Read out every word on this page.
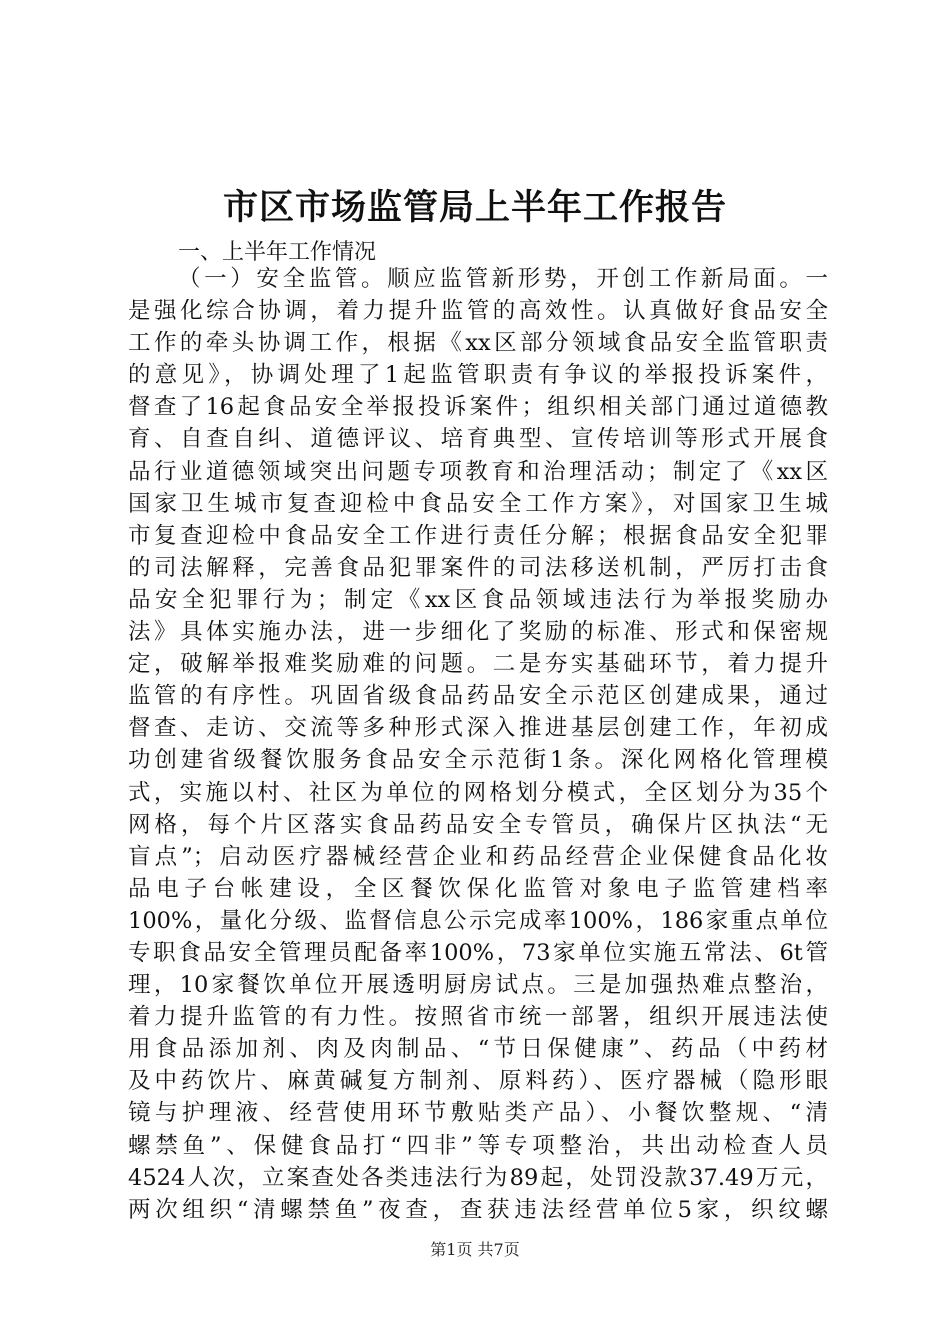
市区市场监管局上半年工作报告

一、上半年工作情况

（一）安全监管。顺应监管新形势，开创工作新局面。一
是强化综合协调，着力提升监管的高效性。认真做好食品安全
工作的牵头协调工作，根据《xx区部分领域食品安全监管职责
的意见》，协调处理了1起监管职责有争议的举报投诉案件，
督查了16起食品安全举报投诉案件；组织相关部门通过道德教
育、自查自纠、道德评议、培育典型、宣传培训等形式开展食
品行业道德领域突出问题专项教育和治理活动；制定了《xx区
国家卫生城市复查迎检中食品安全工作方案》，对国家卫生城
市复查迎检中食品安全工作进行责任分解；根据食品安全犯罪
的司法解释，完善食品犯罪案件的司法移送机制，严厉打击食
品安全犯罪行为；制定《xx区食品领域违法行为举报奖励办
法》具体实施办法，进一步细化了奖励的标准、形式和保密规
定，破解举报难奖励难的问题。二是夯实基础环节，着力提升
监管的有序性。巩固省级食品药品安全示范区创建成果，通过
督查、走访、交流等多种形式深入推进基层创建工作，年初成
功创建省级餐饮服务食品安全示范街1条。深化网格化管理模
式，实施以村、社区为单位的网格划分模式，全区划分为35个
网格，每个片区落实食品药品安全专管员，确保片区执法“无
盲点”；启动医疗器械经营企业和药品经营企业保健食品化妆
品电子台帐建设，全区餐饮保化监管对象电子监管建档率
100%，量化分级、监督信息公示完成率100%，186家重点单位
专职食品安全管理员配备率100%，73家单位实施五常法、6t管
理，10家餐饮单位开展透明厨房试点。三是加强热难点整治，
着力提升监管的有力性。按照省市统一部署，组织开展违法使
用食品添加剂、肉及肉制品、“节日保健康”、药品（中药材
及中药饮片、麻黄碱复方制剂、原料药）、医疗器械（隐形眼
镜与护理液、经营使用环节敷贴类产品）、小餐饮整规、“清
螺禁鱼”、保健食品打“四非”等专项整治，共出动检查人员
4524人次，立案查处各类违法行为89起，处罚没款37.49万元，
两次组织“清螺禁鱼”夜查，查获违法经营单位5家，织纹螺
第1页 共7页
